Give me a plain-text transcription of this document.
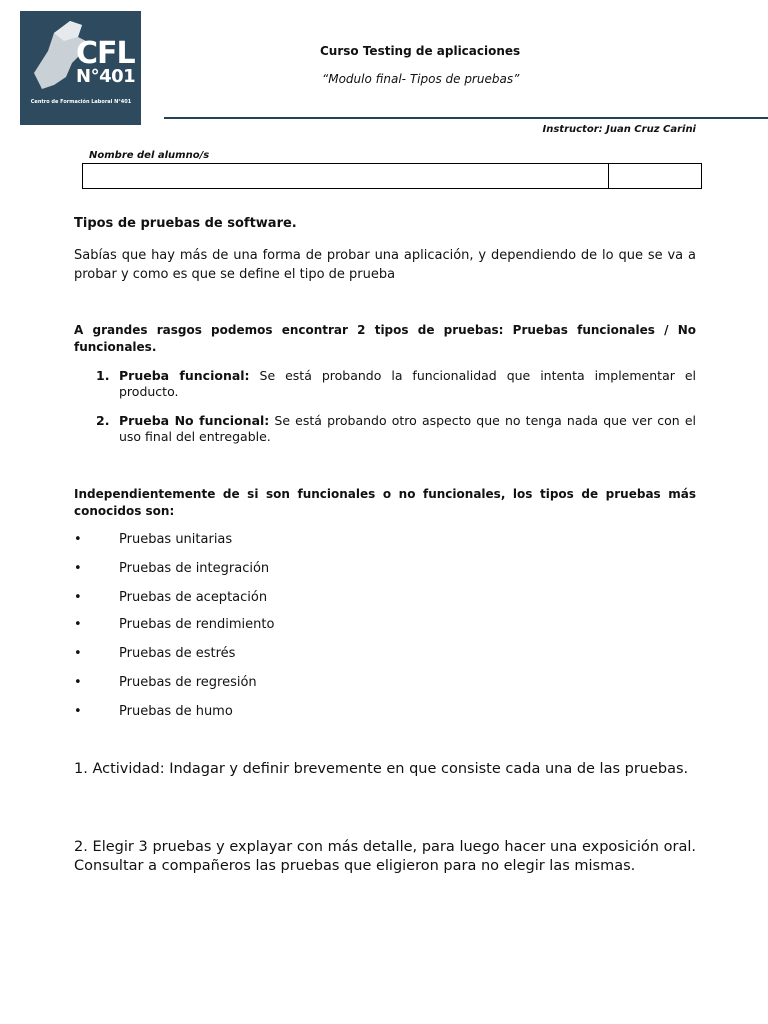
CFL
N°401
Centro de Formación Laboral N°401
Curso Testing de aplicaciones
“Modulo final- Tipos de pruebas”
Instructor: Juan Cruz Carini
Nombre del alumno/s
Tipos de pruebas de software.
Sabías que hay más de una forma de probar una aplicación, y dependiendo de lo que se va a probar y como es que se define el tipo de prueba
A grandes rasgos podemos encontrar 2 tipos de pruebas: Pruebas funcionales / No funcionales.
1. Prueba funcional: Se está probando la funcionalidad que intenta implementar el producto.
2. Prueba No funcional: Se está probando otro aspecto que no tenga nada que ver con el uso final del entregable.
Independientemente de si son funcionales o no funcionales, los tipos de pruebas más conocidos son:
•	Pruebas unitarias
•	Pruebas de integración
•	Pruebas de aceptación
•	Pruebas de rendimiento
•	Pruebas de estrés
•	Pruebas de regresión
•	Pruebas de humo
1. Actividad: Indagar y definir brevemente en que consiste cada una de las pruebas.
2. Elegir 3 pruebas y explayar con más detalle, para luego hacer una exposición oral. Consultar a compañeros las pruebas que eligieron para no elegir las mismas.
